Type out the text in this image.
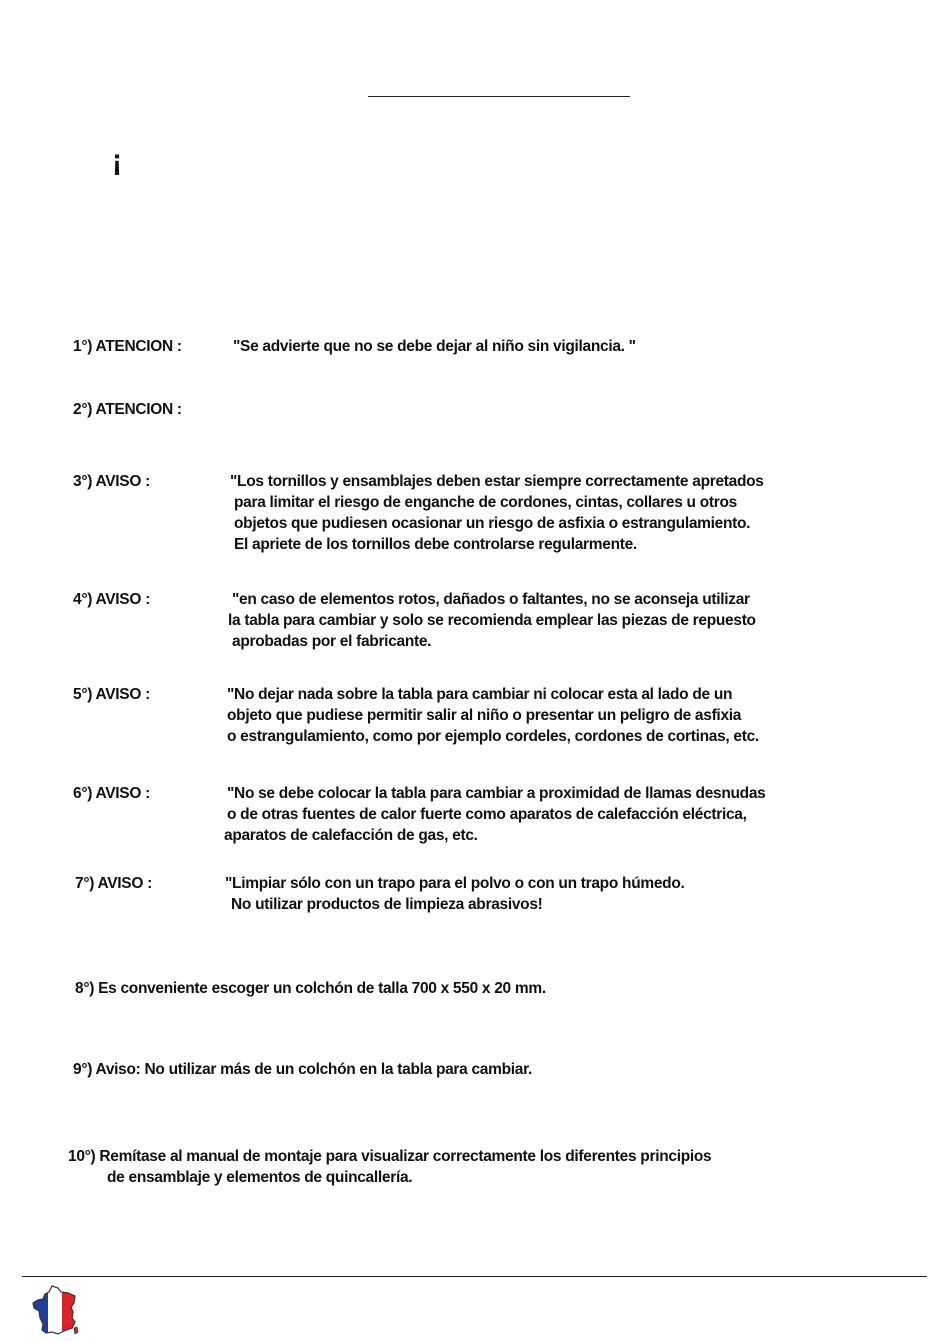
¡
1°) ATENCION :	"Se advierte que no se debe dejar al niño sin vigilancia. "
2°) ATENCION :
3°) AVISO :	"Los tornillos y ensamblajes deben estar siempre correctamente apretados
para limitar el riesgo de enganche de cordones, cintas, collares u otros
objetos que pudiesen ocasionar un riesgo de asfixia o estrangulamiento.
El apriete de los tornillos debe controlarse regularmente.
4°) AVISO :	"en caso de elementos rotos, dañados o faltantes, no se aconseja utilizar
la tabla para cambiar y solo se recomienda emplear las piezas de repuesto
aprobadas por el fabricante.
5°) AVISO :	"No dejar nada sobre la tabla para cambiar ni colocar esta al lado de un
objeto que pudiese permitir salir al niño o presentar un peligro de asfixia
o estrangulamiento, como por ejemplo cordeles, cordones de cortinas, etc.
6°) AVISO :	"No se debe colocar la tabla para cambiar a proximidad de llamas desnudas
o de otras fuentes de calor fuerte como aparatos de calefacción eléctrica,
aparatos de calefacción de gas, etc.
7°) AVISO :	"Limpiar sólo con un trapo para el polvo o con un trapo húmedo.
No utilizar productos de limpieza abrasivos!
8°) Es conveniente escoger un colchón de talla 700 x 550 x 20 mm.
9°) Aviso: No utilizar más de un colchón en la tabla para cambiar.
10°) Remítase al manual de montaje para visualizar correctamente los diferentes principios
de ensamblaje y elementos de quincallería.
